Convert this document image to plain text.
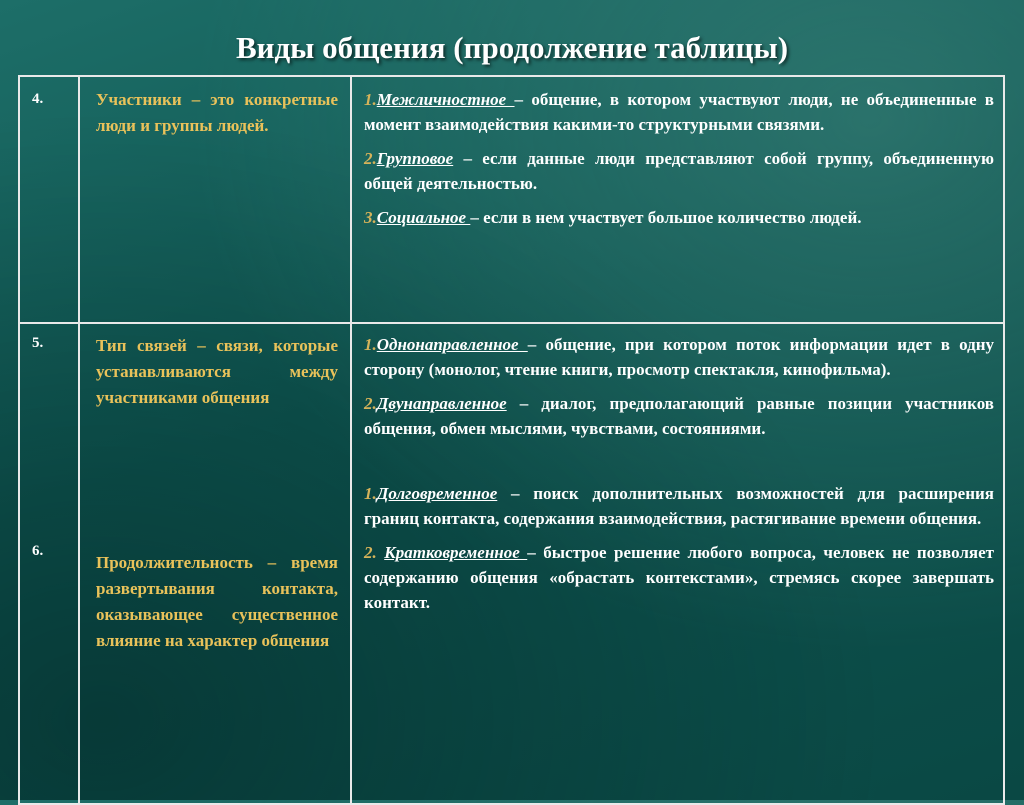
Виды общения (продолжение таблицы)
4.	Участники – это конкретные люди и группы людей.

1.Межличностное – общение, в котором участвуют люди, не объединенные в момент взаимодействия какими-то структурными связями.

2.Групповое – если данные люди представляют собой группу, объединенную общей деятельностью.

3.Социальное – если в нем участвует большое количество людей.

5.	Тип связей – связи, которые устанавливаются между участниками общения

6.

Продолжительность – время развертывания контакта, оказывающее существенное влияние на характер общения

1.Однонаправленное – общение, при котором поток информации идет в одну сторону (монолог, чтение книги, просмотр спектакля, кинофильма).

2.Двунаправленное – диалог, предполагающий равные позиции участников общения, обмен мыслями, чувствами, состояниями.

1.Долговременное – поиск дополнительных возможностей для расширения границ контакта, содержания взаимодействия, растягивание времени общения.

2. Кратковременное – быстрое решение любого вопроса, человек не позволяет содержанию общения «обрастать контекстами», стремясь скорее завершать контакт.
